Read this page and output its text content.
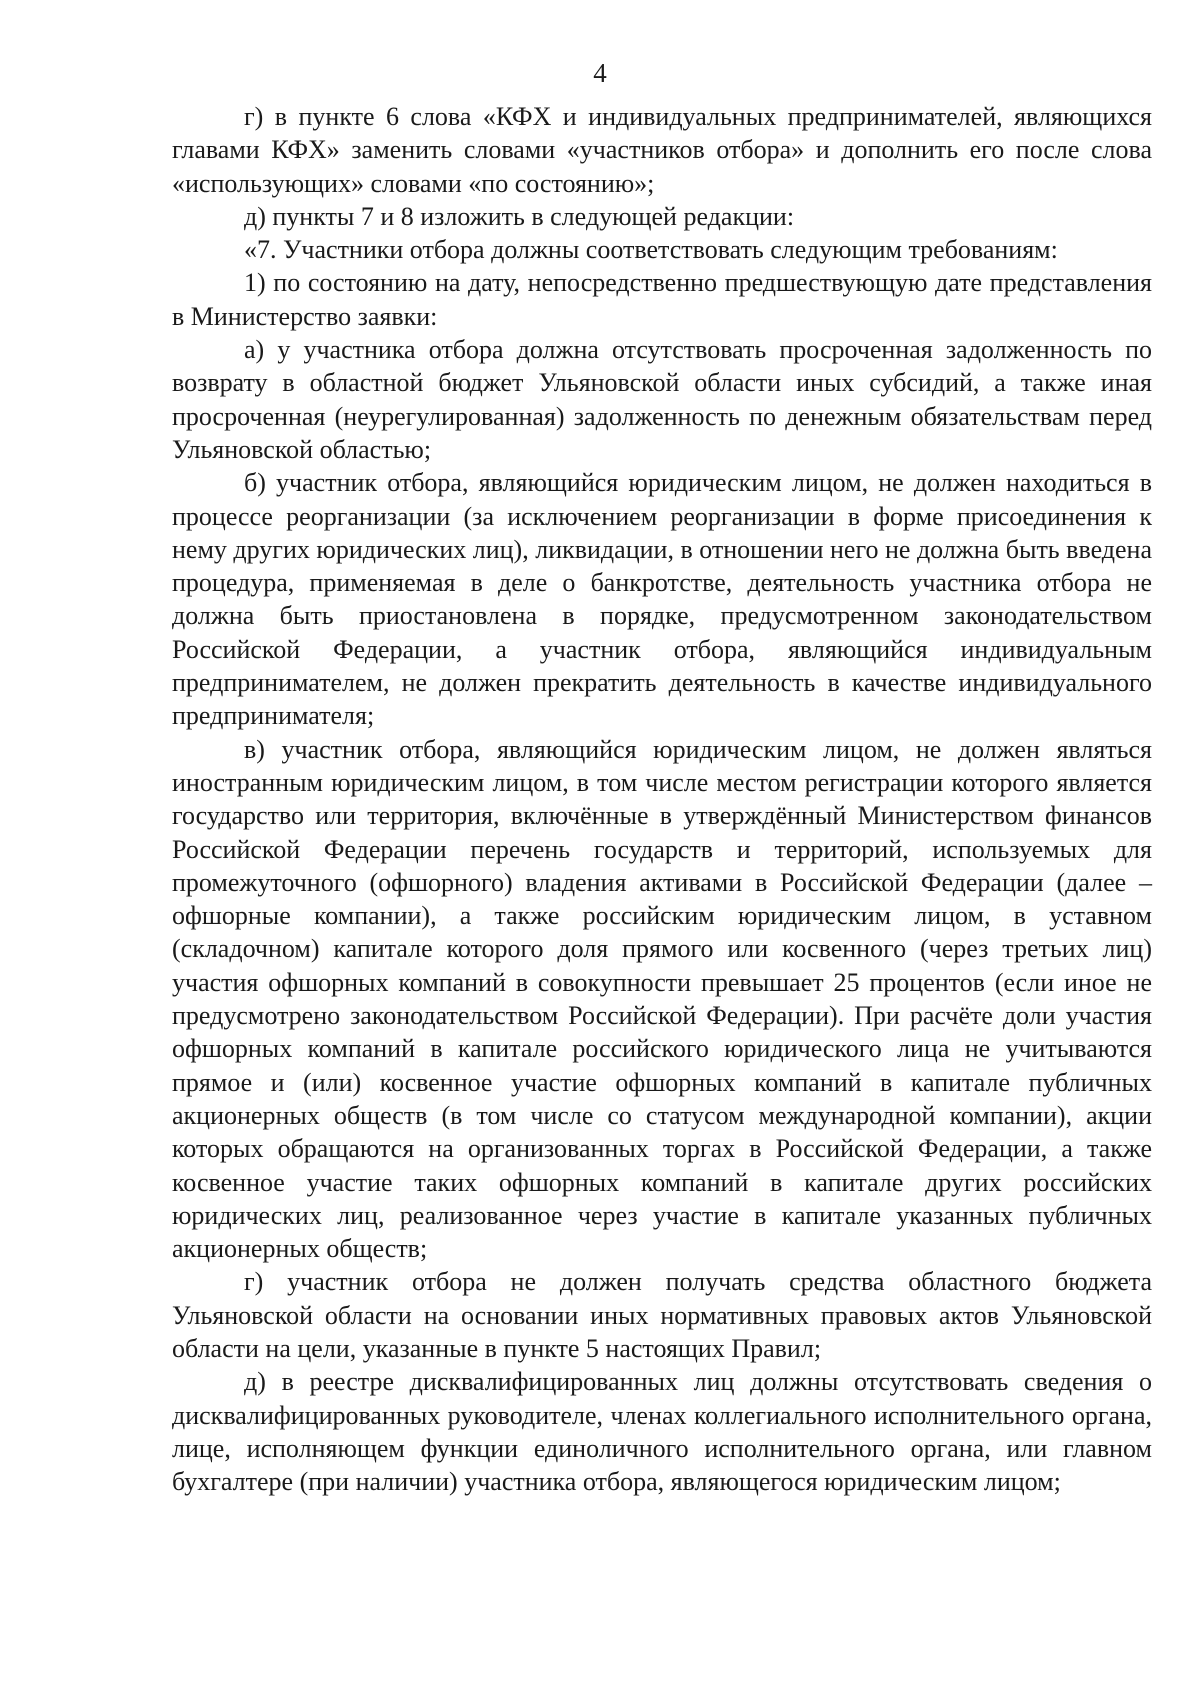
4

г) в пункте 6 слова «КФХ и индивидуальных предпринимателей, являющихся главами КФХ» заменить словами «участников отбора» и дополнить его после слова «использующих» словами «по состоянию»;

д) пункты 7 и 8 изложить в следующей редакции:

«7. Участники отбора должны соответствовать следующим требованиям:

1) по состоянию на дату, непосредственно предшествующую дате представления в Министерство заявки:

а) у участника отбора должна отсутствовать просроченная задолженность по возврату в областной бюджет Ульяновской области иных субсидий, а также иная просроченная (неурегулированная) задолженность по денежным обязательствам перед Ульяновской областью;

б) участник отбора, являющийся юридическим лицом, не должен находиться в процессе реорганизации (за исключением реорганизации в форме присоединения к нему других юридических лиц), ликвидации, в отношении него не должна быть введена процедура, применяемая в деле о банкротстве, деятельность участника отбора не должна быть приостановлена в порядке, предусмотренном законодательством Российской Федерации, а участник отбора, являющийся индивидуальным предпринимателем, не должен прекратить деятельность в качестве индивидуального предпринимателя;

в) участник отбора, являющийся юридическим лицом, не должен являться иностранным юридическим лицом, в том числе местом регистрации которого является государство или территория, включённые в утверждённый Министерством финансов Российской Федерации перечень государств и территорий, используемых для промежуточного (офшорного) владения активами в Российской Федерации (далее – офшорные компании), а также российским юридическим лицом, в уставном (складочном) капитале которого доля прямого или косвенного (через третьих лиц) участия офшорных компаний в совокупности превышает 25 процентов (если иное не предусмотрено законодательством Российской Федерации). При расчёте доли участия офшорных компаний в капитале российского юридического лица не учитываются прямое и (или) косвенное участие офшорных компаний в капитале публичных акционерных обществ (в том числе со статусом международной компании), акции которых обращаются на организованных торгах в Российской Федерации, а также косвенное участие таких офшорных компаний в капитале других российских юридических лиц, реализованное через участие в капитале указанных публичных акционерных обществ;

г) участник отбора не должен получать средства областного бюджета Ульяновской области на основании иных нормативных правовых актов Ульяновской области на цели, указанные в пункте 5 настоящих Правил;

д) в реестре дисквалифицированных лиц должны отсутствовать сведения о дисквалифицированных руководителе, членах коллегиального исполнительного органа, лице, исполняющем функции единоличного исполнительного органа, или главном бухгалтере (при наличии) участника отбора, являющегося юридическим лицом;
